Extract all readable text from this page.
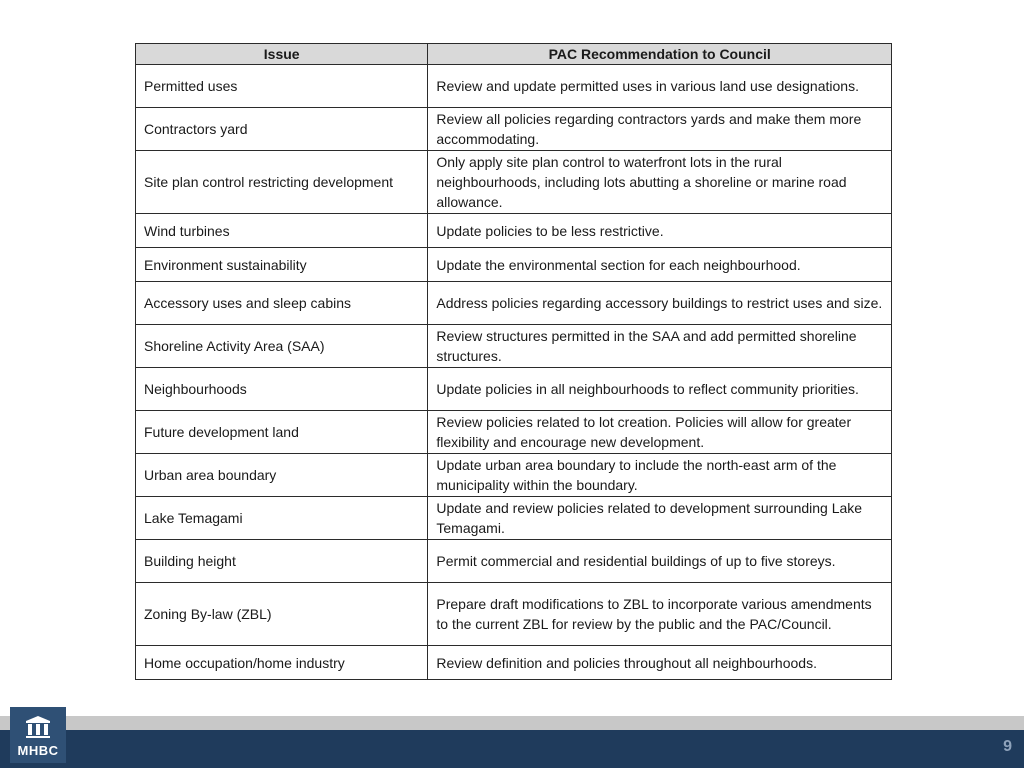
Issue	PAC Recommendation to Council
Permitted uses	Review and update permitted uses in various land use designations.
Contractors yard	Review all policies regarding contractors yards and make them more accommodating.
Site plan control restricting development	Only apply site plan control to waterfront lots in the rural neighbourhoods, including lots abutting a shoreline or marine road allowance.
Wind turbines	Update policies to be less restrictive.
Environment sustainability	Update the environmental section for each neighbourhood.
Accessory uses and sleep cabins	Address policies regarding accessory buildings to restrict uses and size.
Shoreline Activity Area (SAA)	Review structures permitted in the SAA and add permitted shoreline structures.
Neighbourhoods	Update policies in all neighbourhoods to reflect community priorities.
Future development land	Review policies related to lot creation. Policies will allow for greater flexibility and encourage new development.
Urban area boundary	Update urban area boundary to include the north-east arm of the municipality within the boundary.
Lake Temagami	Update and review policies related to development surrounding Lake Temagami.
Building height	Permit commercial and residential buildings of up to five storeys.
Zoning By-law (ZBL)	Prepare draft modifications to ZBL to incorporate various amendments to the current ZBL for review by the public and the PAC/Council.
Home occupation/home industry	Review definition and policies throughout all neighbourhoods.
MHBC	9
